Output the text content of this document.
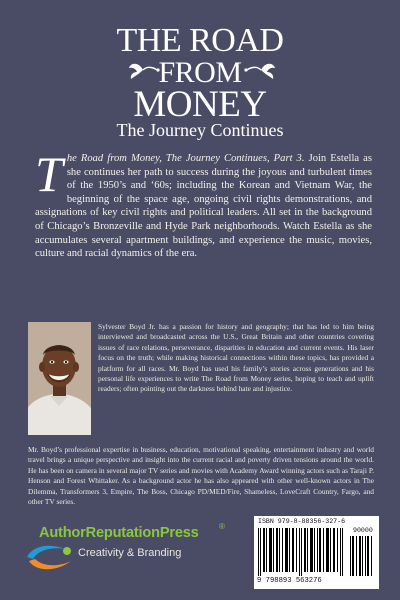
THE ROAD
FROM
MONEY
The Journey Continues
The Road from Money, The Journey Continues, Part 3. Join Estella as she continues her path to success during the joyous and turbulent times of the 1950’s and ‘60s; including the Korean and Vietnam War, the beginning of the space age, ongoing civil rights demonstrations, and assignations of key civil rights and political leaders. All set in the background of Chicago’s Bronzeville and Hyde Park neighborhoods. Watch Estella as she accumulates several apartment buildings, and experience the music, movies, culture and racial dynamics of the era.
Sylvester Boyd Jr. has a passion for history and geography; that has led to him being interviewed and broadcasted across the U.S., Great Britain and other countries covering issues of race relations, perseverance, disparities in education and current events. His laser focus on the truth; while making historical connections within these topics, has provided a platform for all races. Mr. Boyd has used his family’s stories across generations and his personal life experiences to write The Road from Money series, hoping to teach and uplift readers; often pointing out the darkness behind hate and injustice.
Mr. Boyd’s professional expertise in business, education, motivational speaking, entertainment industry and world travel brings a unique perspective and insight into the current racial and poverty driven tensions around the world. He has been on camera in several major TV series and movies with Academy Award winning actors such as Taraji P. Henson and Forest Whittaker. As a background actor he has also appeared with other well-known actors in The Dilemma, Transformers 3, Empire, The Boss, Chicago PD/MED/Fire, Shameless, LoveCraft Country, Fargo, and other TV series.
AuthorReputationPress	®
Creativity & Branding
ISBN 979-8-88356-327-6
90000
9 798893 563276
